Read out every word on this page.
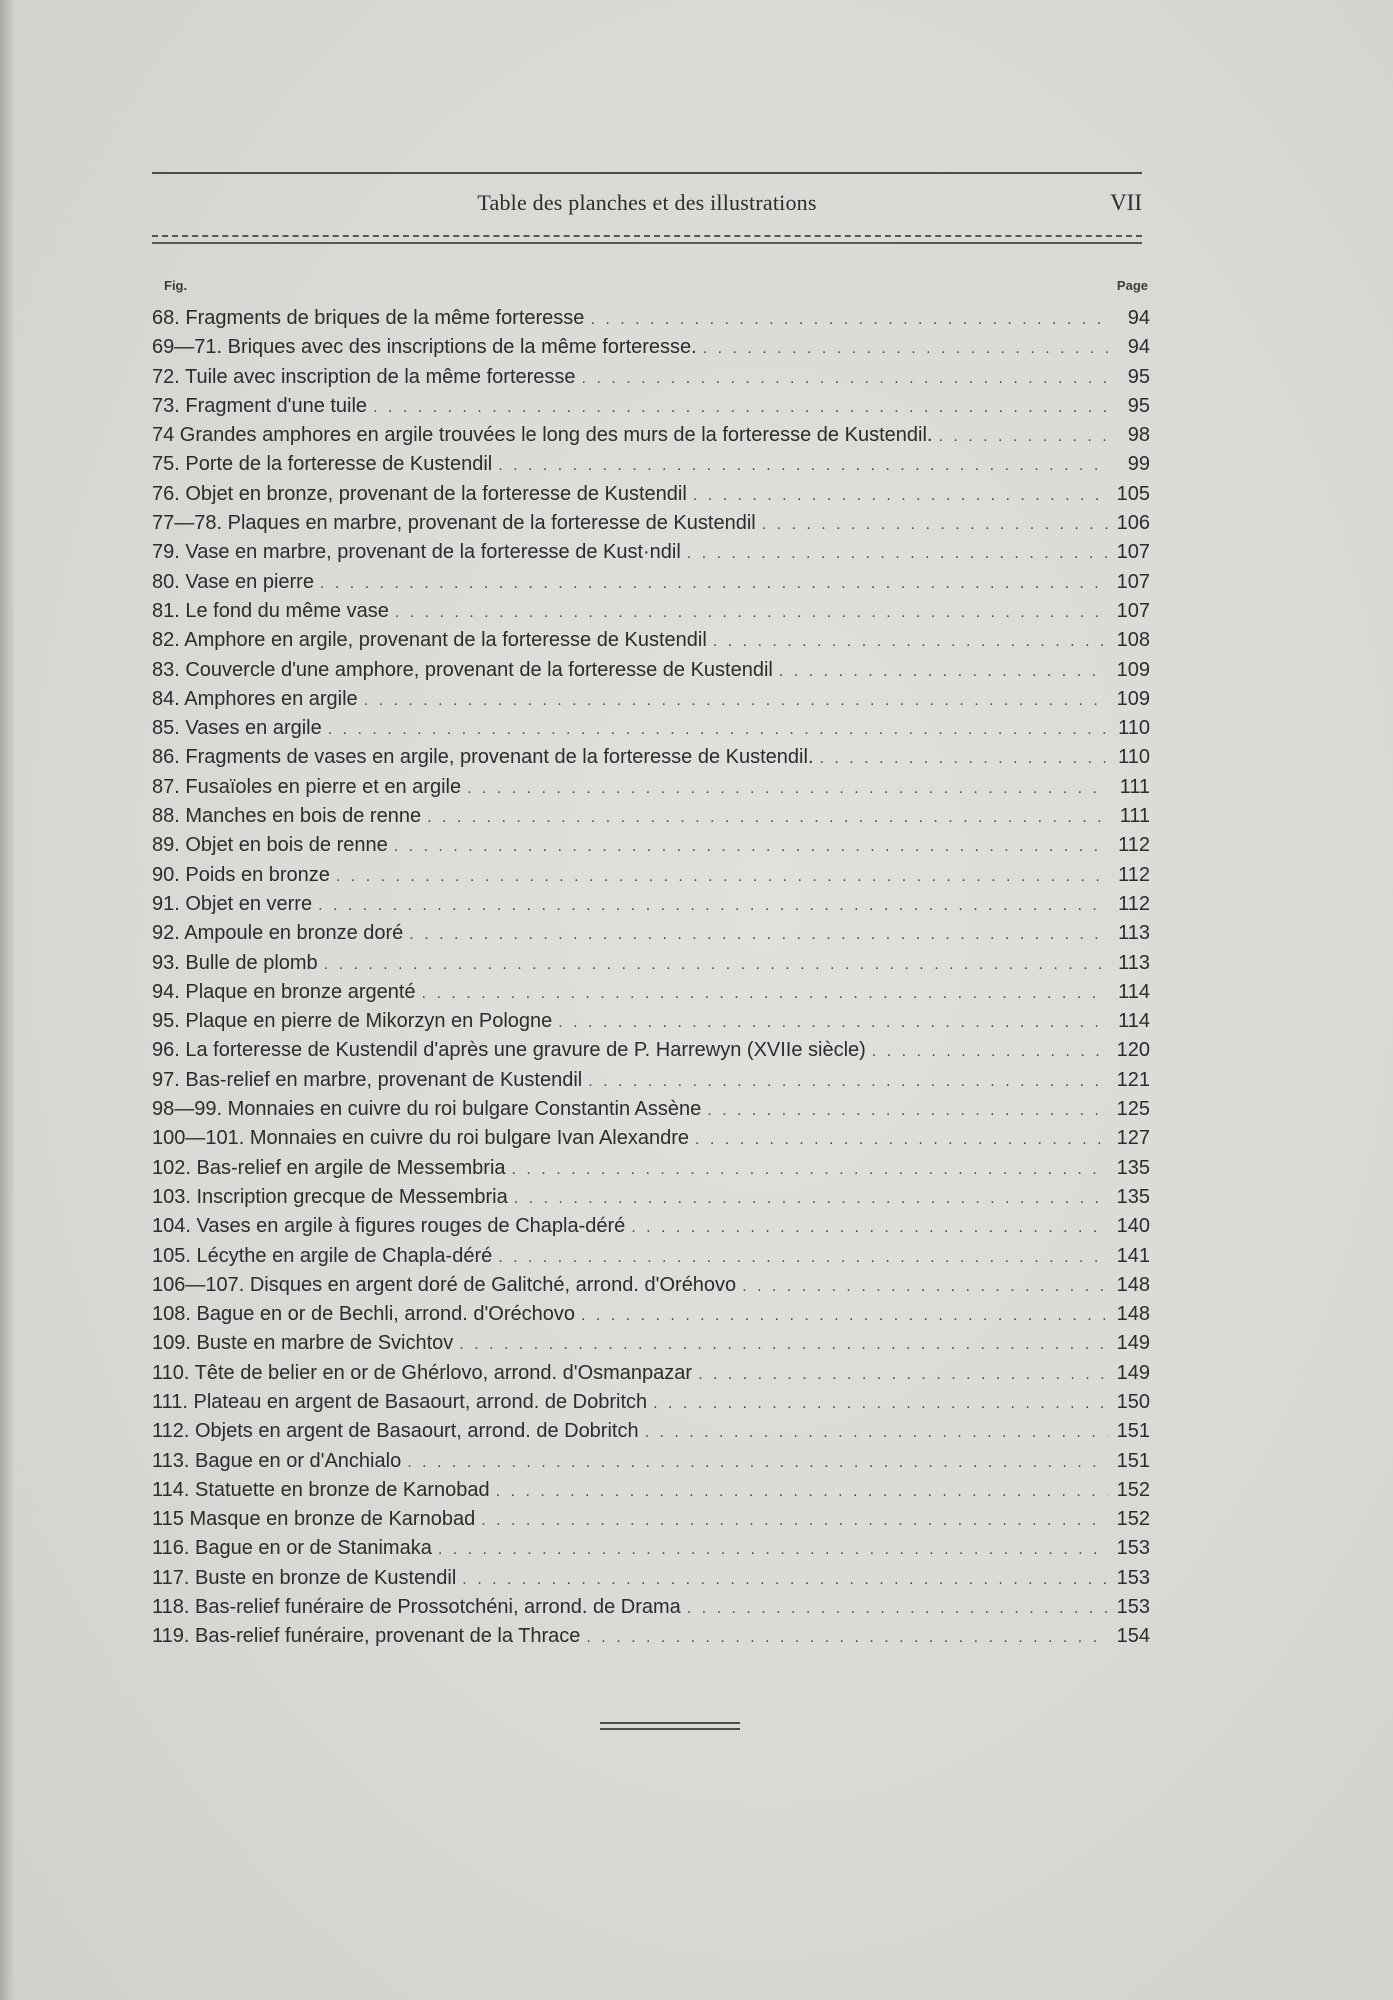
Table des planches et des illustrations	VII
Fig.	Page
68. Fragments de briques de la même forteresse . . .	94
69—71. Briques avec des inscriptions de la même forteresse. . . .	94
72. Tuile avec inscription de la même forteresse . . .	95
73. Fragment d'une tuile . . .	95
74 Grandes amphores en argile trouvées le long des murs de la forteresse de Kustendil. . . .	98
75. Porte de la forteresse de Kustendil . . .	99
76. Objet en bronze, provenant de la forteresse de Kustendil . . .	105
77—78. Plaques en marbre, provenant de la forteresse de Kustendil . . .	106
79. Vase en marbre, provenant de la forteresse de Kust·ndil . . .	107
80. Vase en pierre . . .	107
81. Le fond du même vase . . .	107
82. Amphore en argile, provenant de la forteresse de Kustendil . . .	108
83. Couvercle d'une amphore, provenant de la forteresse de Kustendil . . .	109
84. Amphores en argile . . .	109
85. Vases en argile . . .	110
86. Fragments de vases en argile, provenant de la forteresse de Kustendil. . . .	110
87. Fusaïoles en pierre et en argile . . .	111
88. Manches en bois de renne . . .	111
89. Objet en bois de renne . . .	112
90. Poids en bronze . . .	112
91. Objet en verre . . .	112
92. Ampoule en bronze doré . . .	113
93. Bulle de plomb . . .	113
94. Plaque en bronze argenté . . .	114
95. Plaque en pierre de Mikorzyn en Pologne . . .	114
96. La forteresse de Kustendil d'après une gravure de P. Harrewyn (XVIIe siècle) . . .	120
97. Bas-relief en marbre, provenant de Kustendil . . .	121
98—99. Monnaies en cuivre du roi bulgare Constantin Assène . . .	125
100—101. Monnaies en cuivre du roi bulgare Ivan Alexandre . . .	127
102. Bas-relief en argile de Messembria . . .	135
103. Inscription grecque de Messembria . . .	135
104. Vases en argile à figures rouges de Chapla-déré . . .	140
105. Lécythe en argile de Chapla-déré . . .	141
106—107. Disques en argent doré de Galitché, arrond. d'Oréhovo . . .	148
108. Bague en or de Bechli, arrond. d'Oréchovo . . .	148
109. Buste en marbre de Svichtov . . .	149
110. Tête de belier en or de Ghérlovo, arrond. d'Osmanpazar . . .	149
111. Plateau en argent de Basaourt, arrond. de Dobritch . . .	150
112. Objets en argent de Basaourt, arrond. de Dobritch . . .	151
113. Bague en or d'Anchialo . . .	151
114. Statuette en bronze de Karnobad . . .	152
115 Masque en bronze de Karnobad . . .	152
116. Bague en or de Stanimaka . . .	153
117. Buste en bronze de Kustendil . . .	153
118. Bas-relief funéraire de Prossotchéni, arrond. de Drama . . .	153
119. Bas-relief funéraire, provenant de la Thrace . . .	154
